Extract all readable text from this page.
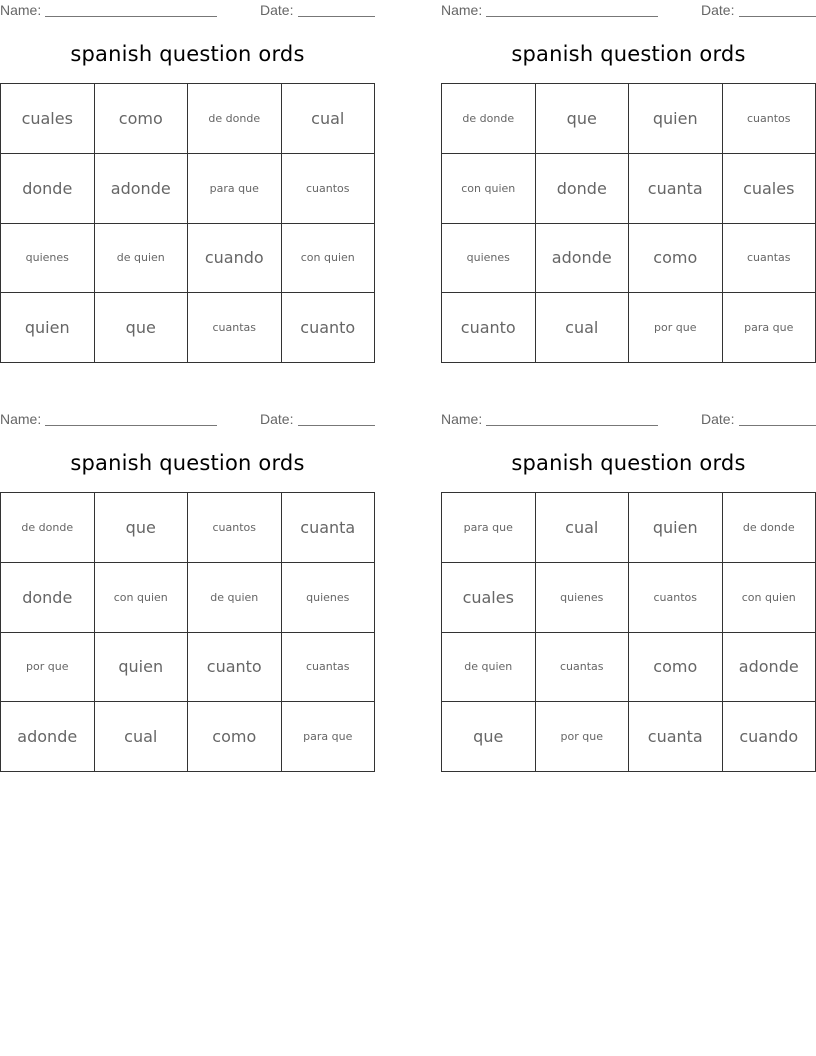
Name:	Date:
spanish question ords
cuales	como	de donde	cual
donde	adonde	para que	cuantos
quienes	de quien	cuando	con quien
quien	que	cuantas	cuanto
Name:	Date:
spanish question ords
de donde	que	quien	cuantos
con quien	donde	cuanta	cuales
quienes	adonde	como	cuantas
cuanto	cual	por que	para que
Name:	Date:
spanish question ords
de donde	que	cuantos	cuanta
donde	con quien	de quien	quienes
por que	quien	cuanto	cuantas
adonde	cual	como	para que
Name:	Date:
spanish question ords
para que	cual	quien	de donde
cuales	quienes	cuantos	con quien
de quien	cuantas	como	adonde
que	por que	cuanta	cuando
